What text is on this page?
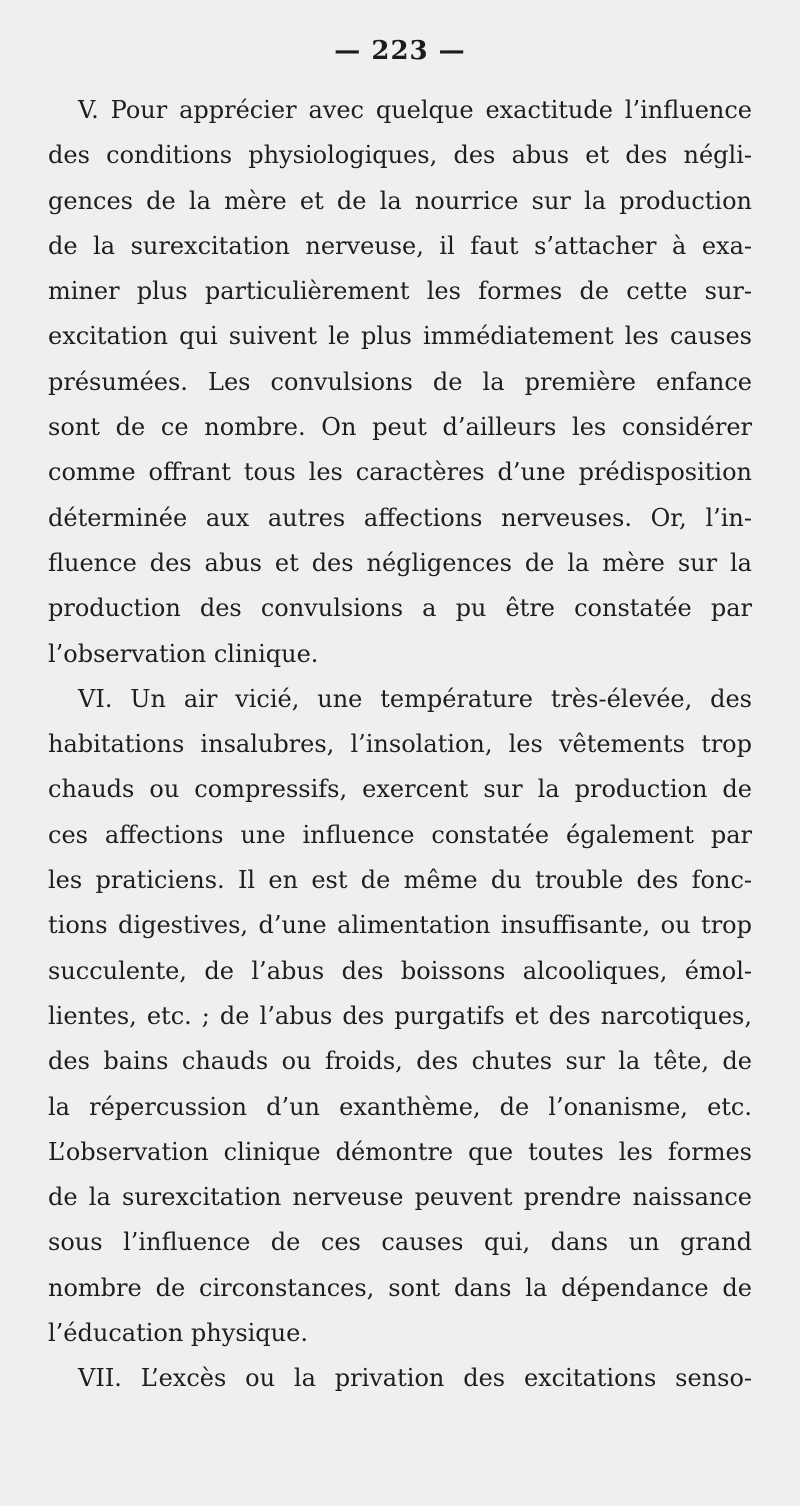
— 223 —
V. Pour apprécier avec quelque exactitude l’influence
des conditions physiologiques, des abus et des négli-
gences de la mère et de la nourrice sur la production
de la surexcitation nerveuse, il faut s’attacher à exa-
miner plus particulièrement les formes de cette sur-
excitation qui suivent le plus immédiatement les causes
présumées. Les convulsions de la première enfance
sont de ce nombre. On peut d’ailleurs les considérer
comme offrant tous les caractères d’une prédisposition
déterminée aux autres affections nerveuses. Or, l’in-
fluence des abus et des négligences de la mère sur la
production des convulsions a pu être constatée par
l’observation clinique.
VI. Un air vicié, une température très-élevée, des
habitations insalubres, l’insolation, les vêtements trop
chauds ou compressifs, exercent sur la production de
ces affections une influence constatée également par
les praticiens. Il en est de même du trouble des fonc-
tions digestives, d’une alimentation insuffisante, ou trop
succulente, de l’abus des boissons alcooliques, émol-
lientes, etc. ; de l’abus des purgatifs et des narcotiques,
des bains chauds ou froids, des chutes sur la tête, de
la répercussion d’un exanthème, de l’onanisme, etc.
L’observation clinique démontre que toutes les formes
de la surexcitation nerveuse peuvent prendre naissance
sous l’influence de ces causes qui, dans un grand
nombre de circonstances, sont dans la dépendance de
l’éducation physique.
VII. L’excès ou la privation des excitations senso-
